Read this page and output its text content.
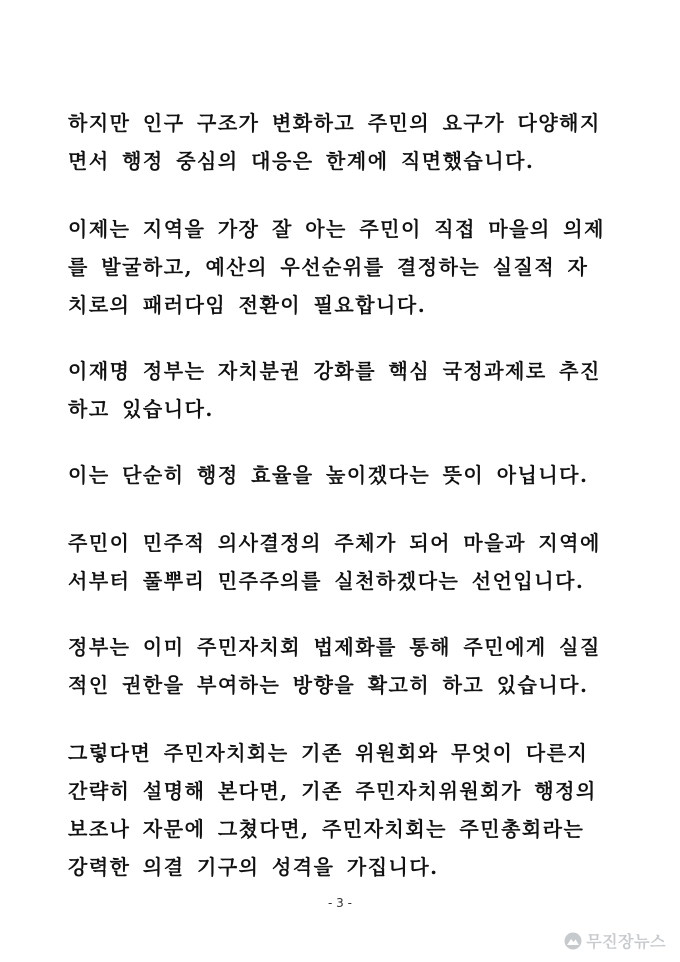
하지만 인구 구조가 변화하고 주민의 요구가 다양해지
면서 행정 중심의 대응은 한계에 직면했습니다.
이제는 지역을 가장 잘 아는 주민이 직접 마을의 의제
를 발굴하고, 예산의 우선순위를 결정하는 실질적 자
치로의 패러다임 전환이 필요합니다.
이재명 정부는 자치분권 강화를 핵심 국정과제로 추진
하고 있습니다.
이는 단순히 행정 효율을 높이겠다는 뜻이 아닙니다.
주민이 민주적 의사결정의 주체가 되어 마을과 지역에
서부터 풀뿌리 민주주의를 실천하겠다는 선언입니다.
정부는 이미 주민자치회 법제화를 통해 주민에게 실질
적인 권한을 부여하는 방향을 확고히 하고 있습니다.
그렇다면 주민자치회는 기존 위원회와 무엇이 다른지
간략히 설명해 본다면, 기존 주민자치위원회가 행정의
보조나 자문에 그쳤다면, 주민자치회는 주민총회라는
강력한 의결 기구의 성격을 가집니다.
- 3 -
무진장뉴스
